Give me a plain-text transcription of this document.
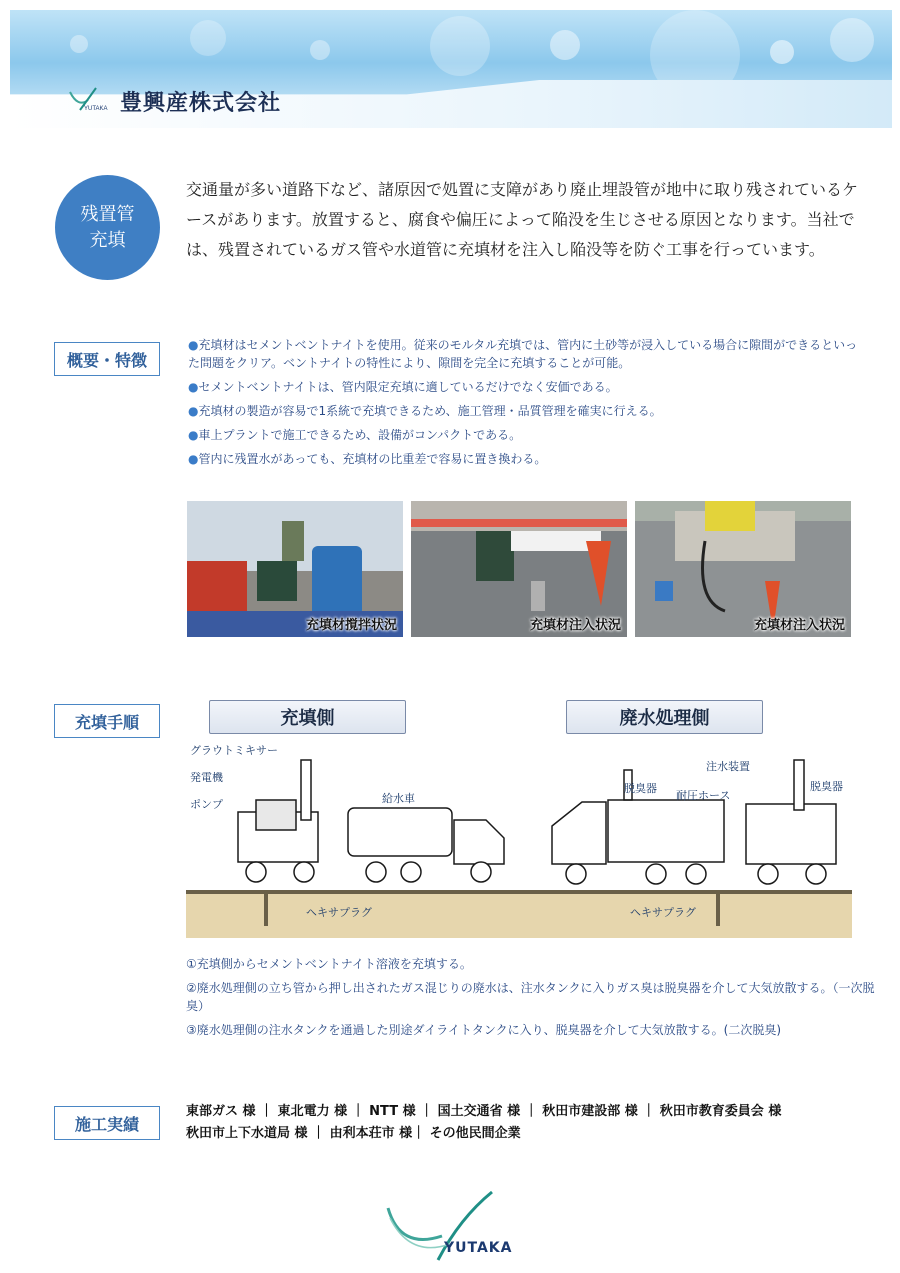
YUTAKA 豊興産株式会社
残置管
充填
交通量が多い道路下など、諸原因で処置に支障があり廃止埋設管が地中に取り残されているケースがあります。放置すると、腐食や偏圧によって陥没を生じさせる原因となります。当社では、残置されているガス管や水道管に充填材を注入し陥没等を防ぐ工事を行っています。
概要・特徴
●充填材はセメントベントナイトを使用。従来のモルタル充填では、管内に土砂等が浸入している場合に隙間ができるといった問題をクリア。ベントナイトの特性により、隙間を完全に充填することが可能。
●セメントベントナイトは、管内限定充填に適しているだけでなく安価である。
●充填材の製造が容易で1系統で充填できるため、施工管理・品質管理を確実に行える。
●車上プラントで施工できるため、設備がコンパクトである。
●管内に残置水があっても、充填材の比重差で容易に置き換わる。
充填材撹拌状況	充填材注入状況	充填材注入状況
充填手順	充填側	廃水処理側
グラウトミキサー
発電機
ポンプ	給水車
ヘキサプラグ	ヘキサプラグ
脱臭器
耐圧ホース
注水装置
脱臭器
①充填側からセメントベントナイト溶液を充填する。
②廃水処理側の立ち管から押し出されたガス混じりの廃水は、注水タンクに入りガス臭は脱臭器を介して大気放散する。（一次脱臭）
③廃水処理側の注水タンクを通過した別途ダイライトタンクに入り、脱臭器を介して大気放散する。(二次脱臭)
施工実績
東部ガス 様 ｜ 東北電力 様 ｜ NTT 様 ｜ 国土交通省 様 ｜ 秋田市建設部 様 ｜ 秋田市教育委員会 様
秋田市上下水道局 様 ｜ 由利本荘市 様｜ その他民間企業
YUTAKA
